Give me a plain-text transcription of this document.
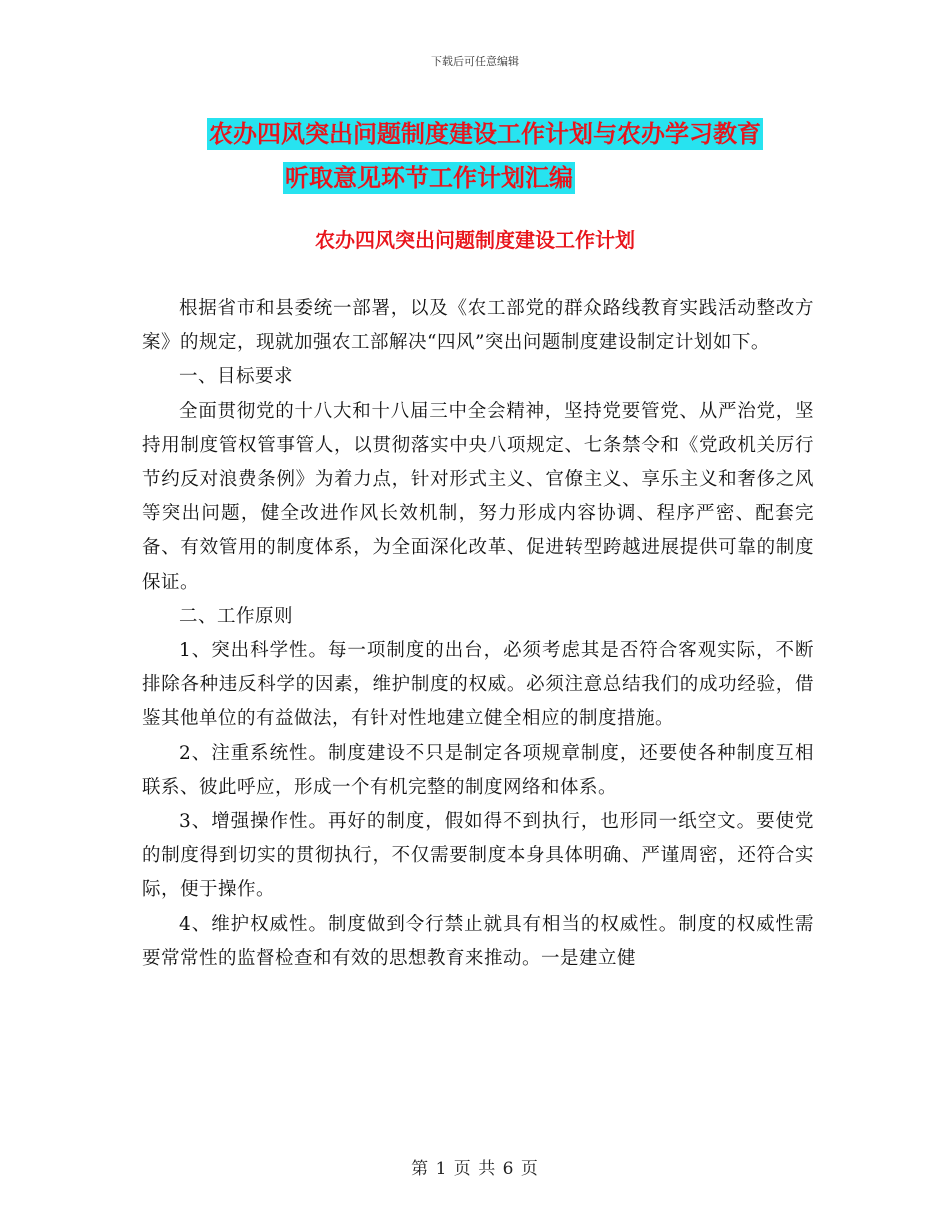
下载后可任意编辑
农办四风突出问题制度建设工作计划与农办学习教育
听取意见环节工作计划汇编
农办四风突出问题制度建设工作计划

根据省市和县委统一部署，以及《农工部党的群众路线教育实践活动整改方案》的规定，现就加强农工部解决“四风”突出问题制度建设制定计划如下。

一、目标要求

全面贯彻党的十八大和十八届三中全会精神，坚持党要管党、从严治党，坚持用制度管权管事管人，以贯彻落实中央八项规定、七条禁令和《党政机关厉行节约反对浪费条例》为着力点，针对形式主义、官僚主义、享乐主义和奢侈之风等突出问题，健全改进作风长效机制，努力形成内容协调、程序严密、配套完备、有效管用的制度体系，为全面深化改革、促进转型跨越进展提供可靠的制度保证。

二、工作原则

1、突出科学性。每一项制度的出台，必须考虑其是否符合客观实际，不断排除各种违反科学的因素，维护制度的权威。必须注意总结我们的成功经验，借鉴其他单位的有益做法，有针对性地建立健全相应的制度措施。

2、注重系统性。制度建设不只是制定各项规章制度，还要使各种制度互相联系、彼此呼应，形成一个有机完整的制度网络和体系。

3、增强操作性。再好的制度，假如得不到执行，也形同一纸空文。要使党的制度得到切实的贯彻执行，不仅需要制度本身具体明确、严谨周密，还符合实际，便于操作。

4、维护权威性。制度做到令行禁止就具有相当的权威性。制度的权威性需要常常性的监督检查和有效的思想教育来推动。一是建立健

第 1 页 共 6 页
